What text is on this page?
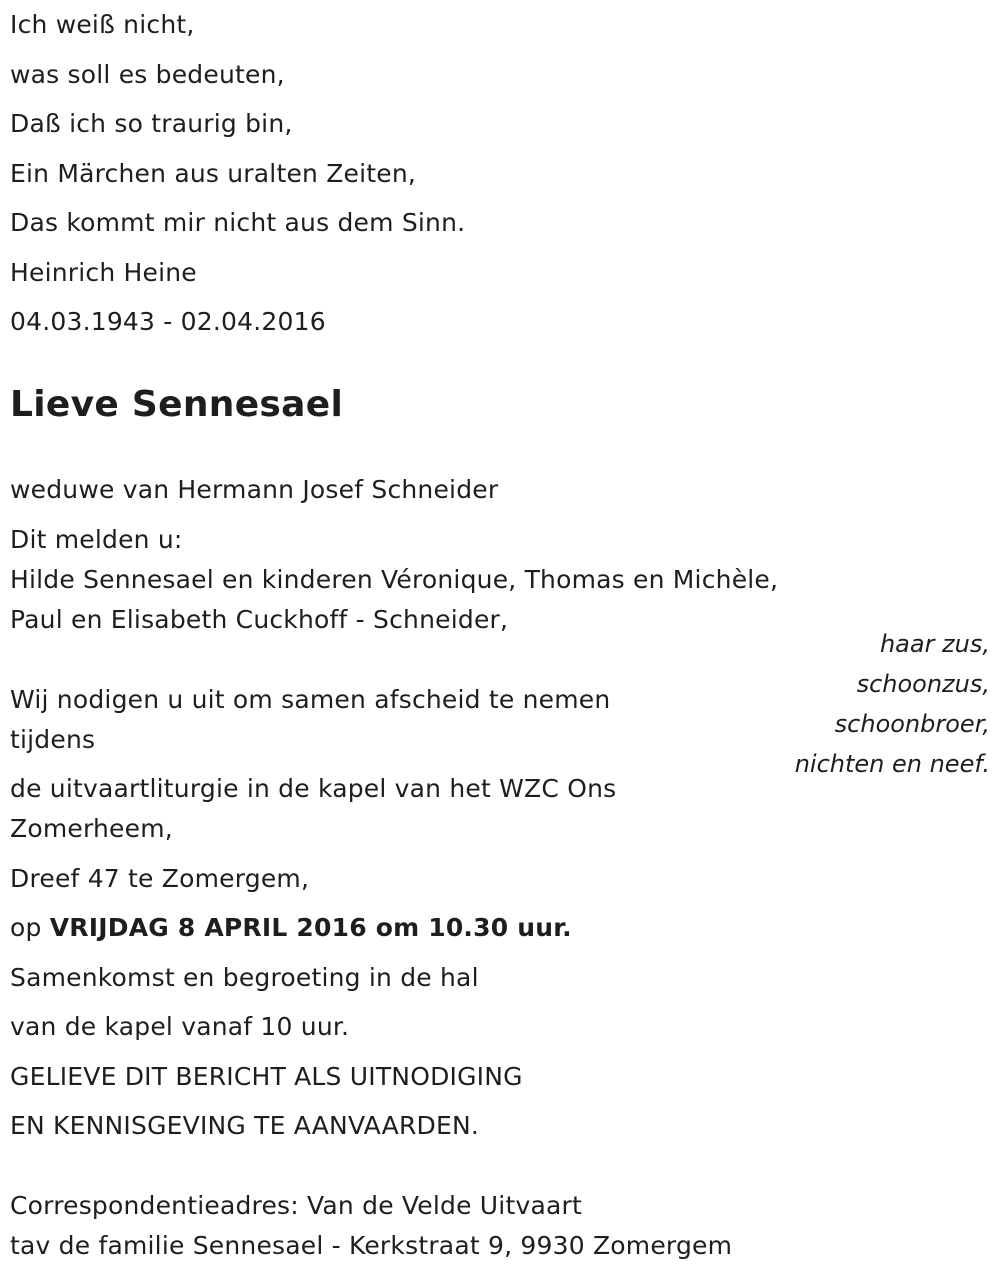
Ich weiß nicht,

was soll es bedeuten,

Daß ich so traurig bin,

Ein Märchen aus uralten Zeiten,

Das kommt mir nicht aus dem Sinn.

Heinrich Heine

04.03.1943 - 02.04.2016

Lieve Sennesael

weduwe van Hermann Josef Schneider

Dit melden u:

Hilde Sennesael en kinderen Véronique, Thomas en Michèle,

Paul en Elisabeth Cuckhoff - Schneider,

haar zus,
schoonzus,
schoonbroer,
nichten en neef.

Wij nodigen u uit om samen afscheid te nemen

tijdens

de uitvaartliturgie in de kapel van het WZC Ons

Zomerheem,

Dreef 47 te Zomergem,

op VRIJDAG 8 APRIL 2016 om 10.30 uur.

Samenkomst en begroeting in de hal

van de kapel vanaf 10 uur.

GELIEVE DIT BERICHT ALS UITNODIGING

EN KENNISGEVING TE AANVAARDEN.

Correspondentieadres: Van de Velde Uitvaart

tav de familie Sennesael - Kerkstraat 9, 9930 Zomergem
